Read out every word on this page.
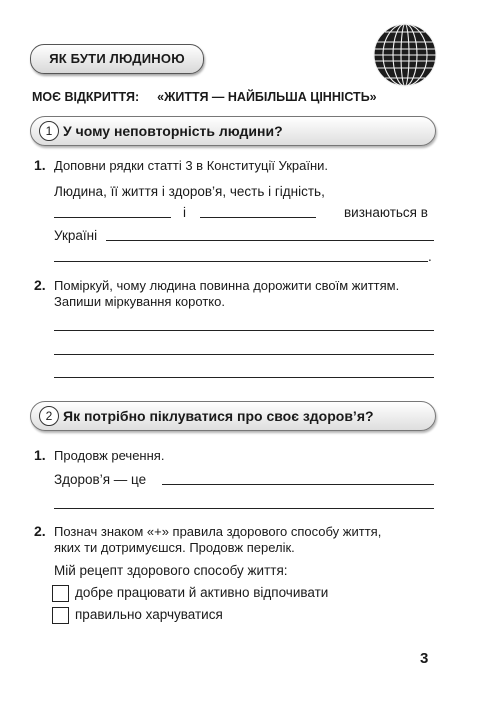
ЯК БУТИ ЛЮДИНОЮ
МОЄ ВІДКРИТТЯ: «ЖИТТЯ — НАЙБІЛЬША ЦІННІСТЬ»
1 У чому неповторність людини?
1. Доповни рядки статті 3 в Конституції України.
Людина, її життя і здоров’я, честь і гідність,
і	визнаються в
Україні
.
2. Поміркуй, чому людина повинна дорожити своїм життям.
Запиши міркування коротко.
2 Як потрібно піклуватися про своє здоров’я?
1. Продовж речення.
Здоров’я — це
2. Познач знаком «+» правила здорового способу життя,
яких ти дотримуєшся. Продовж перелік.
Мій рецепт здорового способу життя:
добре працювати й активно відпочивати
правильно харчуватися
3
